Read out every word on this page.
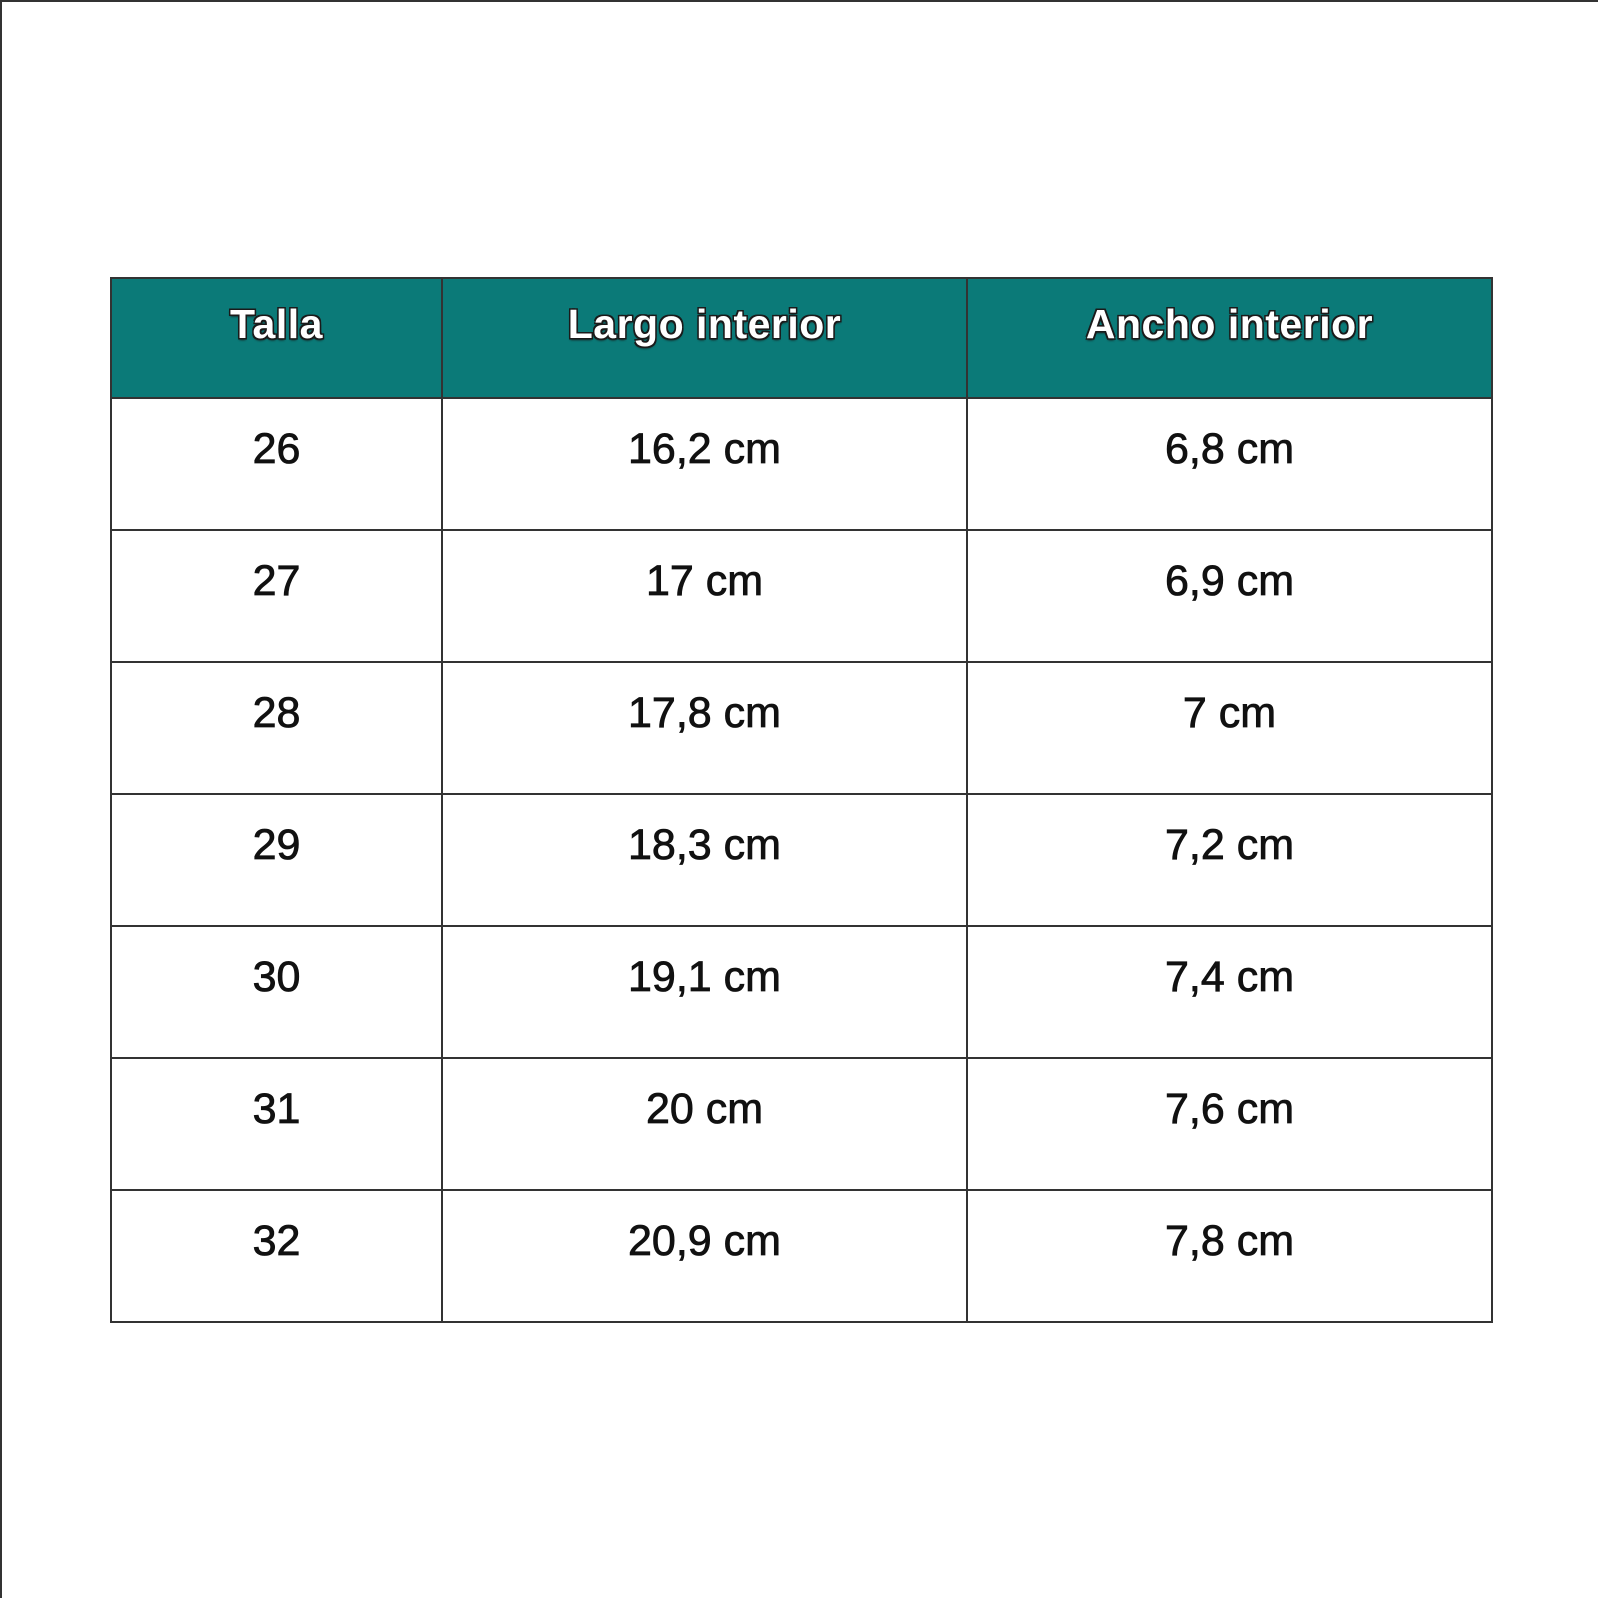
Talla	Largo interior	Ancho interior
26	16,2 cm	6,8 cm
27	17 cm	6,9 cm
28	17,8 cm	7 cm
29	18,3 cm	7,2 cm
30	19,1 cm	7,4 cm
31	20 cm	7,6 cm
32	20,9 cm	7,8 cm
